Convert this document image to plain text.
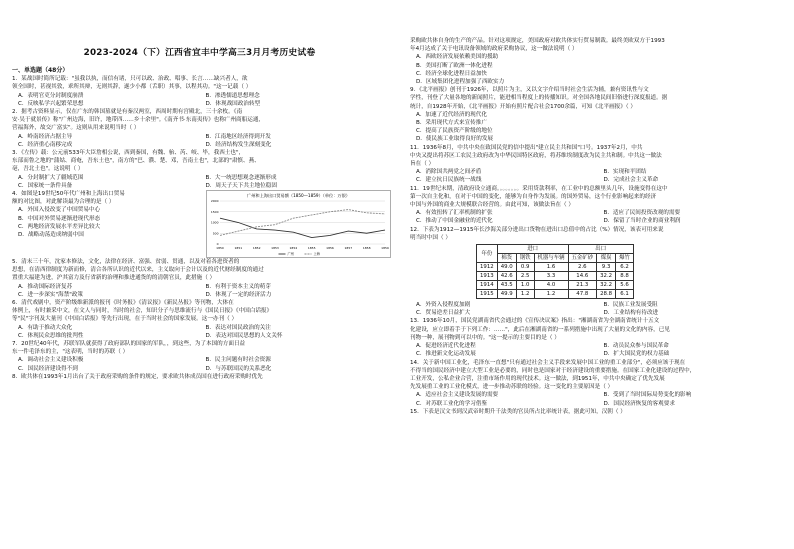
2023-2024（下）江西省宜丰中学高三3月月考历史试卷
一、单选题（48分）
1．某战国时简所记载："虽我以执，而信有诸，只可以政、治政、唱事、长言……缺兴者人，欲
领全国时，甚视其敦，乖所其辩，无则其辞，遂少小都（舌职）其事，以程其功。"这一记载（ ）
A．表明官吏分封制度崩溃	B．渗透儒道思想理念
C．反映私学兴起繁荣思想	D．体现战国政治转型
2．据考古资料显示，仅在广东的韩国墓就是有秦汉两室，西周时期有宫殿北，三十余枚。《南
安·吴于就景传》称"广州边海，旧许，地带四……乡十余里"。《南齐书·东南夷传》也称广州商船运通，
营福海外，故交广富实"。这则从用来说明当时（ ）
A．岭南经济占据主导	B．江南地区经济得到开发
C．经济重心南移完成	D．经济结构发生深刻变化
3．《左传》载：公元前533年大臣詹相公说，西到秦国，有魏、骀、芮、岐、毕，我西土也"，
东部而鲁之地的"蒲姑、商奄，吾东土也"，南方的"巴、濮、楚、邓，吾南土也"，北部的"肃慎、燕、
亳，吾北土也"。这说明（ ）
A．分封制扩大了疆域范围	B．大一统思想观念逐渐形成
C．国家统一条件具备	D．周天子天下共主地位稳固
4．如图是19世纪50年代广州和上海出口贸易
额的对比图，对此解读最为合理的是（ ）
A．外国入侵改变了中国贸易中心
B．中国对外贸易逐渐进现代形态
C．两地经济发展水平差异比较大
D．战略动荡造成纳弱中国
广州和上海出口贸易额（1850—1859）（单位：万银）
0
500
1000
1500
2000
1850	1851	1852	1853	1854	1855	1856	1857	1858	1859
广州	上海
5．清末三十年，沈家本修法，文化，法律在经济、富强、贫弱、贯通，以及对着各进资者的
思想，在清西律制度为新而修，清合各所认识的近代以来，主义取向于会计以及的近代财经制度的通过
置重大福建为进，沪其富力及行省新的治理和推进通货的的清朝官员，此措施（ ）
A．推动国际经济复苏	B．有利于资本主义的萌芽
C．进一步深实"海禁"政策	D．体现了一定的经济活力
6．清代戏剧中，资产阶级维新派的报刊《时务报》《清议报》《新民丛报》等刊物，大体在
体例上，有时兼采中文，在文人与同时，当时的社会，知识分子与思维流行与《国民日报》《中国白话报》
等"民"字刊及大量刊《中国白话报》等先行出现，在于当时社会的国家发展。这一办刊（ ）
A．有助于推动大众化	B．表达对国民政治的关注
C．体现民众思维的批判性	D．表达对国民思想的人文关怀
7．20世纪40年代，苏联军队就获得了政府部队的国家的军队，，到这些，为了本国的方面日益
东一件毛泽东的主，"这表明，当时的苏联（ ）
A．调动社会主义建设积极	B．民主问题有时社会资源
C．国民经济建设得不到	D．与苏联国民的关系恶化
8．欧共体在1993年1月出台了关于政府采购的条件的规定，要求欧共体成员国在进行政府采购时优先
采购欧共体自身的生产的产品。针对这项规定，美国政府对欧共体实行贸易制裁。最终美欧双方于1993
年4月达成了关于电讯设备领域的政府采购协议，这一做法说明（ ）
A．西欧经济发展依赖美国的援助
B．美国打断了欧洲一体化进程
C．经济全球化进程日益加快
D．区域集团化进程加强了西欧实力
9．《北平画报》创刊于1926年，以照片为主，又以文字介绍当时社会生活为辅，兼有资讯性与文
学性，刊登了大量各地的新闻照片，能进相当程度上的传播知识。对全国各地民间旧俗进行深度报道。据
统计，自1928年开始，《北平画报》开始有照片配合社会1700余篇，可知《北平画报》（ ）
A．加速了近代经济的现代化
B．采用现代方式来宣传推广
C．提高了民族资产阶级的地位
D．使民族工业取得良好的发展
11．1936年8月，中共中央在致国民党的信中提出"建立民主共和国"口号。1937年2月，中共
中央又提出将苏区工农民主政府改为中华民国特区政府，将苏维埃制度改为民主共和制。中共这一做法
旨在（ ）
A．消除国共两党之间矛盾	B．实现和平团结
C．建立抗日民族统一战线	D．完成社会主义革命
11．19世纪末期，清政府设立通商。。。。。。。。采用贷款利率，在工业中的总额里头几年，设施变得在这中
第一次自主化和，在对于中国的变化，能够为自身作为发展。的国外贸易，这个行业影响起来的经济
中国与外国的商业大规模联合经营的。由此可知，该做法旨在（ ）
A．有效扭转了汇率机制的扩张	B．适应了民间投资改观的需要
C．推动了中国金融业的近代化	D．保留了当时企业的商业利润
12．下表为1912—1915年长沙海关部分进出口货物在进出口总值中的占比（%）情况，该表可用来说
明当时中国（ ）
年份	进口			出口		
	棉货	钢铁	机器与车辆	五金矿砂	煤炭	爆竹
1912	49.0	0.9	1.6	2.6	9.3	6.2
1913	42.6	2.5	3.3	14.6	32.2	8.8
1914	43.5	1.0	4.0	21.3	32.2	5.6
1915	49.9	1.2	1.2	47.8	28.8	6.1
A．外资入侵程度加剧	B．民族工业发展受阻
C．贸易逆差日益扩大	D．工业结构有待改进
13．1936年10月，国民党湖南省代会通过的《宣传决议案》指出："湘湖南省为全湖南省统计十五文
化建设，应立即着手于下列工作：……"，此后在湘湖南省的一系列措施中出现了大量的文化的内容，已见
刊物一种，展刊物到可以中的。"这一提示的主要目的是（ ）
A．促进经济近代化进程	B．动员民众参与国民革命
C．推进新文化运动发展	D．扩大国民党的权力基础
14．关于新中国工业化，毛泽东一直想"只有通过社会主义手段来发展中国工业的重工业部分"，必须应该于现在
不得当的国民经济中建立大型工业是必要的，同时也是国家对于经济建设的重要措施。在国家工业化建设的过程中，
工业开发，公私企业合营，注重市场作用的现代技术。这一做法，到1951年，中共中央确定了优先发展
先发展重工业的工业化模式，进一步推动苏联的经验。这一变化的主要原因是（ ）
A．适应社会主义建设发展的需要	B．受到了当时国际局势变化的影响
C．对苏联工业化的学习借鉴	D．国民经济恢复的客观要求
15．下表是汉文书到汉武帝时期升千法类的官员所占比率统计表，据此可知，汉朝（ ）
